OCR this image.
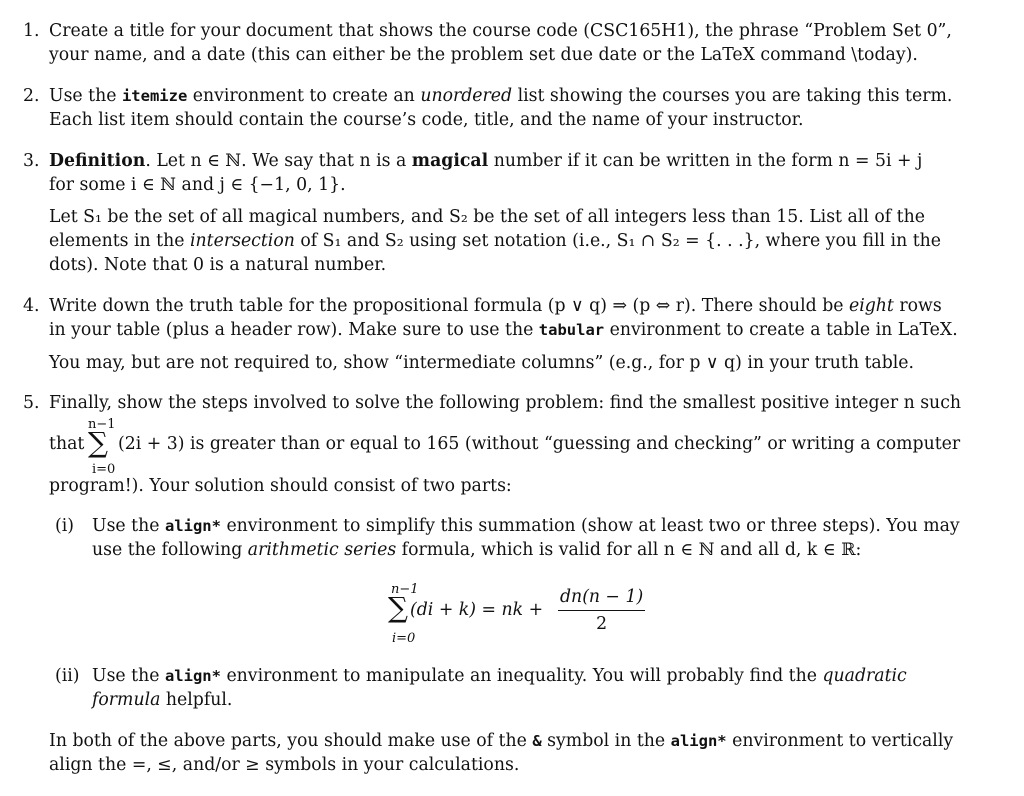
1. Create a title for your document that shows the course code (CSC165H1), the phrase “Problem Set 0”,
your name, and a date (this can either be the problem set due date or the LaTeX command \today).
2. Use the itemize environment to create an unordered list showing the courses you are taking this term.
Each list item should contain the course’s code, title, and the name of your instructor.
3. Definition. Let n ∈ ℕ. We say that n is a magical number if it can be written in the form n = 5i + j
for some i ∈ ℕ and j ∈ {−1, 0, 1}.
Let S₁ be the set of all magical numbers, and S₂ be the set of all integers less than 15. List all of the
elements in the intersection of S₁ and S₂ using set notation (i.e., S₁ ∩ S₂ = {. . .}, where you fill in the
dots). Note that 0 is a natural number.
4. Write down the truth table for the propositional formula (p ∨ q) ⇒ (p ⇔ r). There should be eight rows
in your table (plus a header row). Make sure to use the tabular environment to create a table in LaTeX.
You may, but are not required to, show “intermediate columns” (e.g., for p ∨ q) in your truth table.
5. Finally, show the steps involved to solve the following problem: find the smallest positive integer n such
n−1
that ∑ (2i + 3) is greater than or equal to 165 (without “guessing and checking” or writing a computer
i=0
program!). Your solution should consist of two parts:
(i) Use the align* environment to simplify this summation (show at least two or three steps). You may
use the following arithmetic series formula, which is valid for all n ∈ ℕ and all d, k ∈ ℝ:
n−1
∑ (di + k) = nk +
i=0
$\frac{dn(n - 1)}{2}$
(ii) Use the align* environment to manipulate an inequality. You will probably find the quadratic
formula helpful.
In both of the above parts, you should make use of the & symbol in the align* environment to vertically
align the =, ≤, and/or ≥ symbols in your calculations.
